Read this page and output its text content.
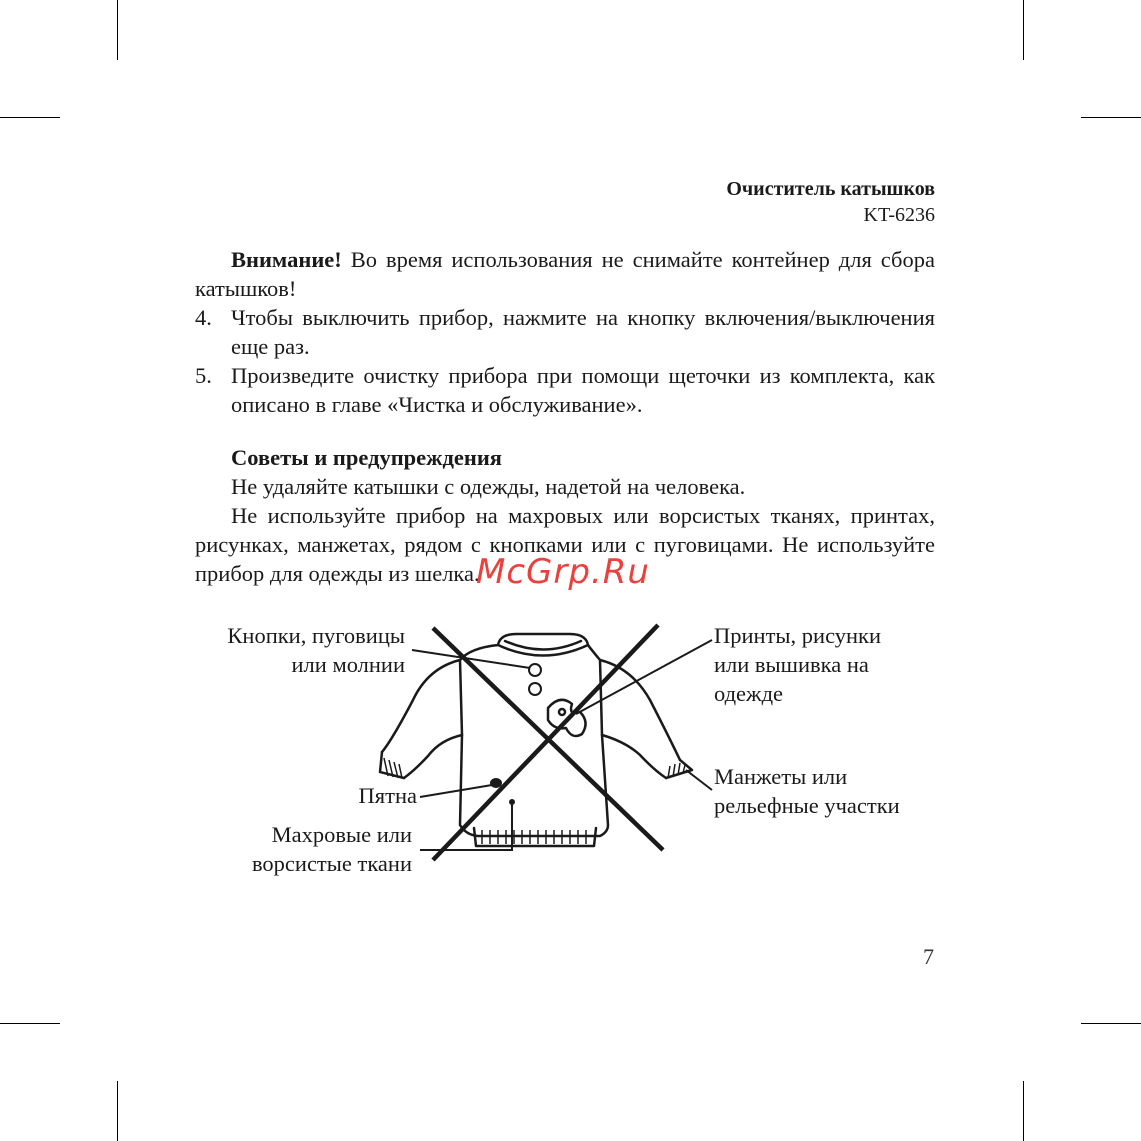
Очиститель катышков
KT-6236

Внимание! Во время использования не снимайте контейнер для сбора катышков!

4. Чтобы выключить прибор, нажмите на кнопку включения/выключения еще раз.

5. Произведите очистку прибора при помощи щеточки из комплекта, как описано в главе «Чистка и обслуживание».

Советы и предупреждения

Не удаляйте катышки с одежды, надетой на человека.

Не используйте прибор на махровых или ворсистых тканях, принтах, рисунках, манжетах, рядом с кнопками или с пуговицами. Не используйте прибор для одежды из шелка.

Кнопки, пуговицы
или молнии
Принты, рисунки
или вышивка на
одежде
Пятна
Манжеты или
рельефные участки
Махровые или
ворсистые ткани
McGrp.Ru
7
